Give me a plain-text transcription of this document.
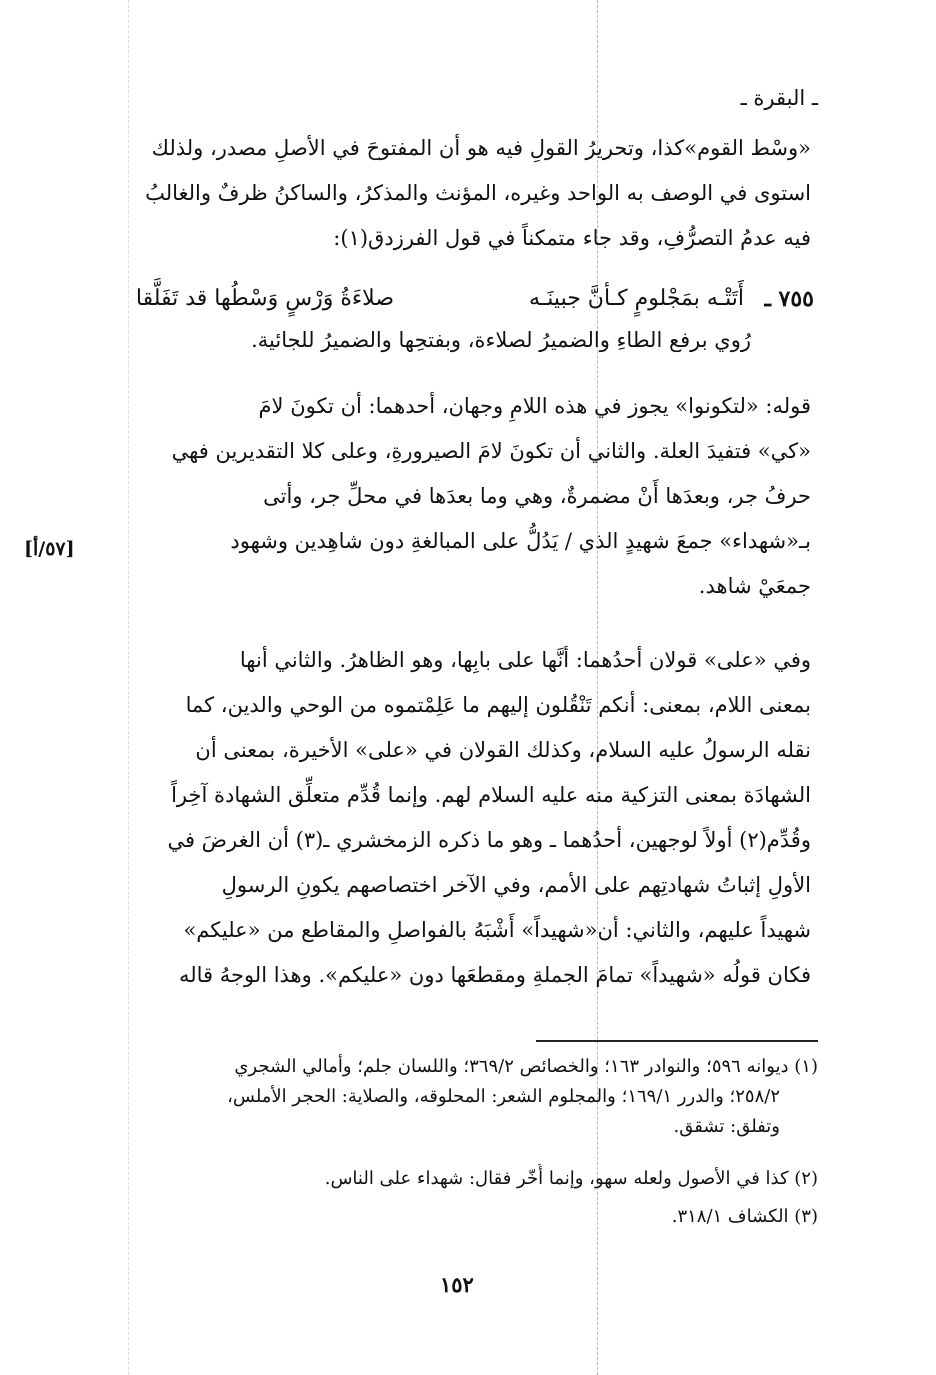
ـ البقرة ـ
«وسْط القوم»كذا، وتحريرُ القولِ فيه هو أن المفتوحَ في الأصلِ مصدر، ولذلك
استوى في الوصف به الواحد وغيره، المؤنث والمذكرُ، والساكنُ ظرفٌ والغالبُ
فيه عدمُ التصرُّفِ، وقد جاء متمكناً في قول الفرزدق(١):
٧٥٥ ـ
أَتَتْـه بمَجْلومٍ كـأنَّ جبينَـه
صلاءَةُ وَرْسٍ وَسْطُها قد تَفَلَّقا
رُوي برفع الطاءِ والضميرُ لصلاءة، وبفتحِها والضميرُ للجائية.
قوله: «لتكونوا» يجوز في هذه اللامِ وجهان، أحدهما: أن تكونَ لامَ
«كي» فتفيدَ العلة. والثاني أن تكونَ لامَ الصيرورةِ، وعلى كلا التقديرين فهي
حرفُ جر، وبعدَها أَنْ مضمرةٌ، وهي وما بعدَها في محلِّ جر، وأتى
بـ«شهداء» جمعَ شهيدٍ الذي / يَدُلُّ على المبالغةِ دون شاهِدين وشهود
جمعَيْ شاهد.
[٥٧/أ]
وفي «على» قولان أحدُهما: أنَّها على بابِها، وهو الظاهرُ. والثاني أنها
بمعنى اللام، بمعنى: أنكم تَنْقُلون إليهم ما عَلِمْتموه من الوحي والدين، كما
نقله الرسولُ عليه السلام، وكذلك القولان في «على» الأخيرة، بمعنى أن
الشهادَة بمعنى التزكية منه عليه السلام لهم. وإنما قُدِّم متعلِّق الشهادة آخِراً
وقُدِّم(٢) أولاً لوجهين، أحدُهما ـ وهو ما ذكره الزمخشري ـ(٣) أن الغرضَ في
الأولِ إثباتُ شهادتِهم على الأمم، وفي الآخر اختصاصهم يكونِ الرسولِ
شهيداً عليهم، والثاني: أن«شهيداً» أَشْبَهُ بالفواصلِ والمقاطع من «عليكم»
فكان قولُه «شهيداً» تمامَ الجملةِ ومقطعَها دون «عليكم». وهذا الوجهُ قاله
(١) ديوانه ٥٩٦؛ والنوادر ١٦٣؛ والخصائص ٣٦٩/٢؛ واللسان جلم؛ وأمالي الشجري
٢٥٨/٢؛ والدرر ١٦٩/١؛ والمجلوم الشعر: المحلوقه، والصلاية: الحجر الأملس،
وتفلق: تشقق.
(٢) كذا في الأصول ولعله سهو، وإنما أُخّر فقال: شهداء على الناس.
(٣) الكشاف ٣١٨/١.
١٥٢
